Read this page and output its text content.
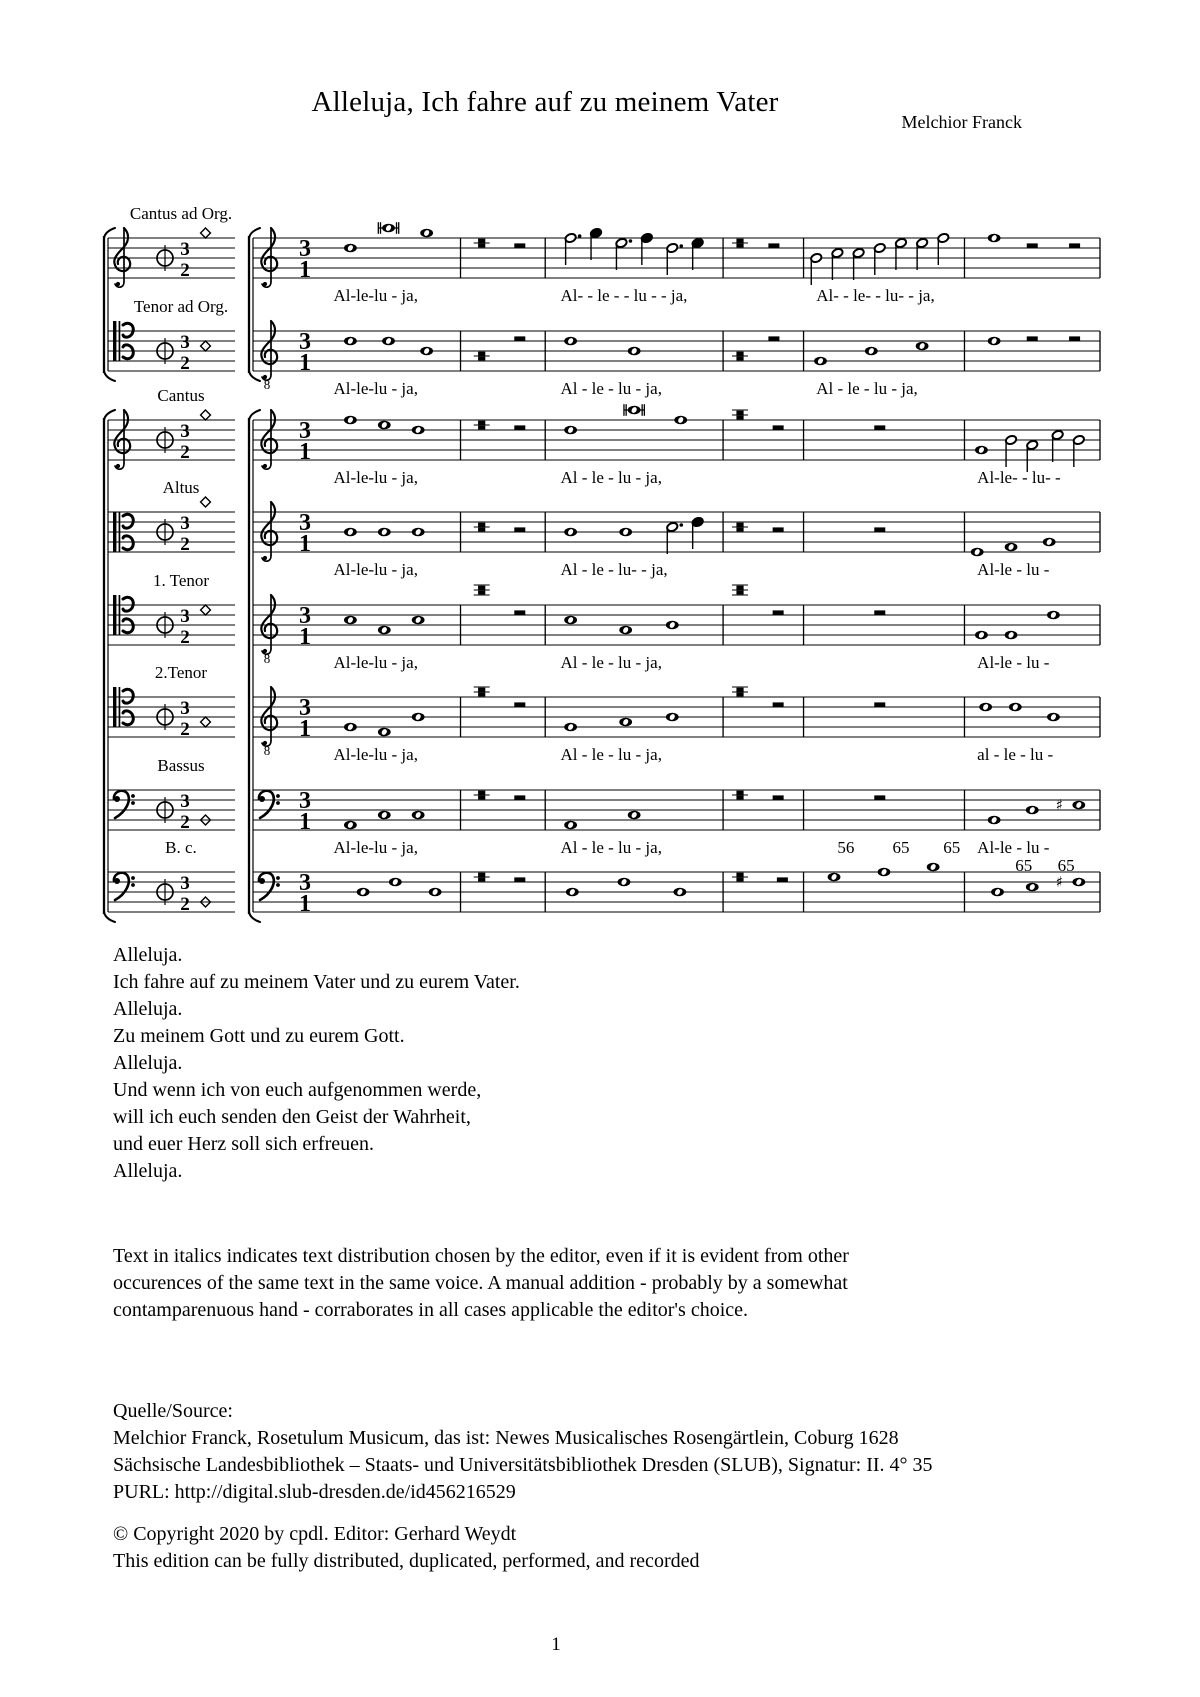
Alleluja, Ich fahre auf zu meinem Vater
Melchior Franck
3
2
3
1
3
2
8
3
1
3
2
3
1
3
2
3
1
3
2
8
3
1
3
2
8
3
1
3
2
3
1
♯
3
2
3
1
♯
Cantus ad Org.
Al-le-lu - ja,	Al- - le - - lu - - ja,	Al- - le- - lu- - ja,
Tenor ad Org.
Al-le-lu - ja,	Al - le - lu - ja,	Al - le - lu - ja,
Cantus
Al-le-lu - ja,	Al - le - lu - ja,	Al-le- - lu- -
Altus
Al-le-lu - ja,	Al - le - lu- - ja,	Al-le - lu -
1. Tenor
Al-le-lu - ja,	Al - le - lu - ja,	Al-le - lu -
2.Tenor
Al-le-lu - ja,	Al - le - lu - ja,	al - le - lu -
Bassus
Al-le-lu - ja,	Al - le - lu - ja,	Al-le - lu -
56 65 65
65 65
B. c.
Alleluja.
Ich fahre auf zu meinem Vater und zu eurem Vater.
Alleluja.
Zu meinem Gott und zu eurem Gott.
Alleluja.
Und wenn ich von euch aufgenommen werde,
will ich euch senden den Geist der Wahrheit,
und euer Herz soll sich erfreuen.
Alleluja.
Text in italics indicates text distribution chosen by the editor, even if it is evident from other
occurences of the same text in the same voice. A manual addition - probably by a somewhat
contamparenuous hand - corraborates in all cases applicable the editor's choice.
Quelle/Source:
Melchior Franck, Rosetulum Musicum, das ist: Newes Musicalisches Rosengärtlein, Coburg 1628
Sächsische Landesbibliothek – Staats- und Universitätsbibliothek Dresden (SLUB), Signatur: II. 4° 35
PURL: http://digital.slub-dresden.de/id456216529
© Copyright 2020 by cpdl. Editor: Gerhard Weydt
This edition can be fully distributed, duplicated, performed, and recorded
1
